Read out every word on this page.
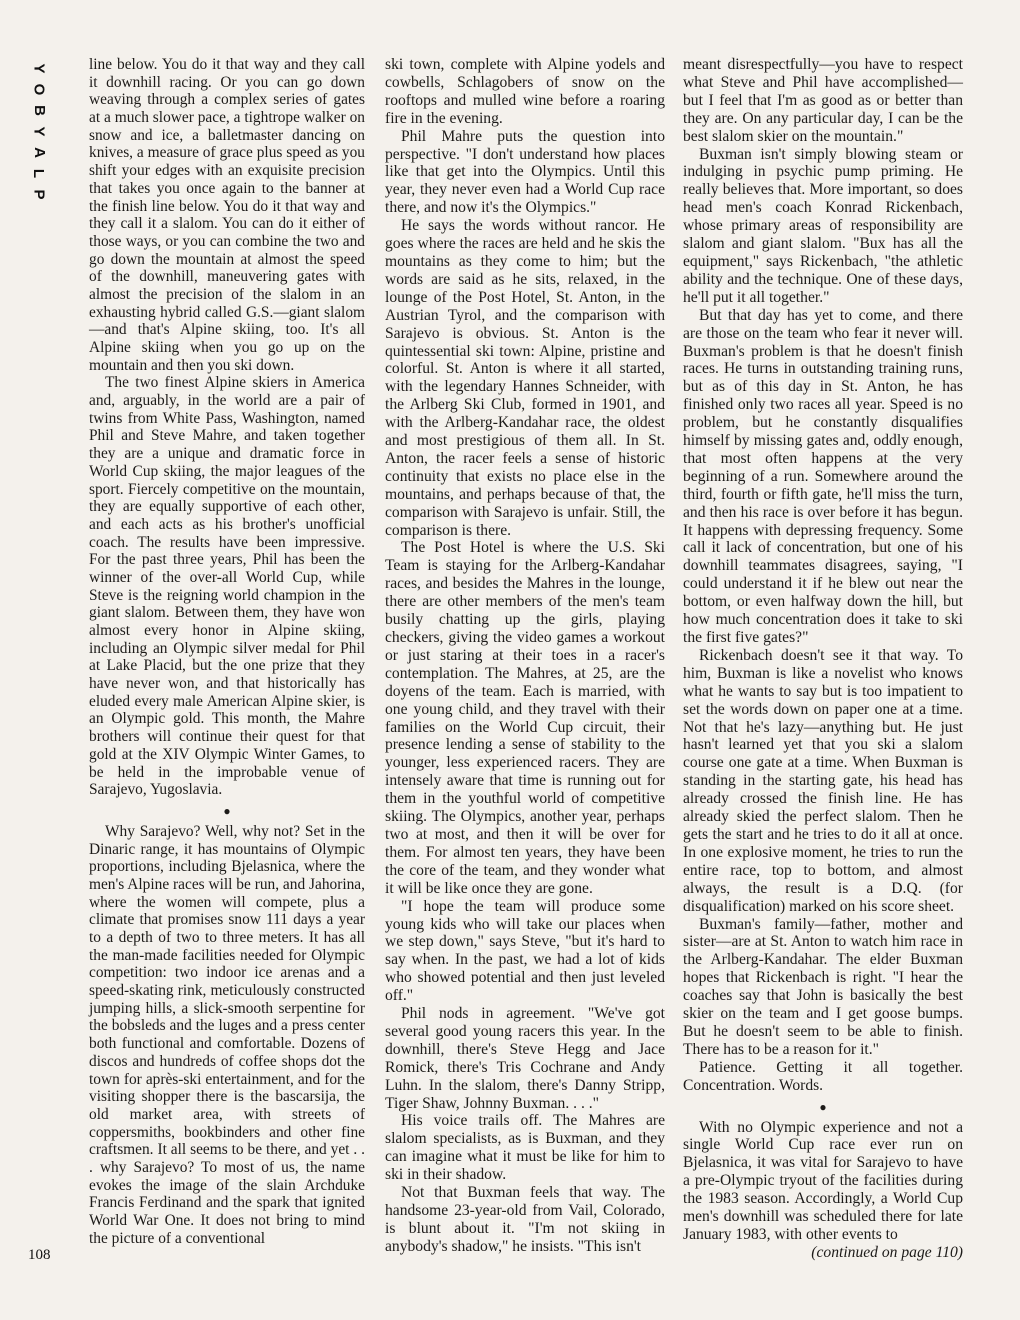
Y
O
B
Y
A
L
P

line below. You do it that way and they call it downhill racing. Or you can go down weaving through a complex series of gates at a much slower pace, a tightrope walker on snow and ice, a balletmaster dancing on knives, a measure of grace plus speed as you shift your edges with an exquisite precision that takes you once again to the banner at the finish line below. You do it that way and they call it a slalom. You can do it either of those ways, or you can combine the two and go down the mountain at almost the speed of the downhill, maneuvering gates with almost the precision of the slalom in an exhausting hybrid called G.S.—giant slalom—and that's Alpine skiing, too. It's all Alpine skiing when you go up on the mountain and then you ski down.

The two finest Alpine skiers in America and, arguably, in the world are a pair of twins from White Pass, Washington, named Phil and Steve Mahre, and taken together they are a unique and dramatic force in World Cup skiing, the major leagues of the sport. Fiercely competitive on the mountain, they are equally supportive of each other, and each acts as his brother's unofficial coach. The results have been impressive. For the past three years, Phil has been the winner of the over-all World Cup, while Steve is the reigning world champion in the giant slalom. Between them, they have won almost every honor in Alpine skiing, including an Olympic silver medal for Phil at Lake Placid, but the one prize that they have never won, and that historically has eluded every male American Alpine skier, is an Olympic gold. This month, the Mahre brothers will continue their quest for that gold at the XIV Olympic Winter Games, to be held in the improbable venue of Sarajevo, Yugoslavia.

●

Why Sarajevo? Well, why not? Set in the Dinaric range, it has mountains of Olympic proportions, including Bjelasnica, where the men's Alpine races will be run, and Jahorina, where the women will compete, plus a climate that promises snow 111 days a year to a depth of two to three meters. It has all the man-made facilities needed for Olympic competition: two indoor ice arenas and a speed-skating rink, meticulously constructed jumping hills, a slick-smooth serpentine for the bobsleds and the luges and a press center both functional and comfortable. Dozens of discos and hundreds of coffee shops dot the town for après-ski entertainment, and for the visiting shopper there is the bascarsija, the old market area, with streets of coppersmiths, bookbinders and other fine craftsmen. It all seems to be there, and yet . . . why Sarajevo? To most of us, the name evokes the image of the slain Archduke Francis Ferdinand and the spark that ignited World War One. It does not bring to mind the picture of a conventional

ski town, complete with Alpine yodels and cowbells, Schlagobers of snow on the rooftops and mulled wine before a roaring fire in the evening.

Phil Mahre puts the question into perspective. "I don't understand how places like that get into the Olympics. Until this year, they never even had a World Cup race there, and now it's the Olympics."

He says the words without rancor. He goes where the races are held and he skis the mountains as they come to him; but the words are said as he sits, relaxed, in the lounge of the Post Hotel, St. Anton, in the Austrian Tyrol, and the comparison with Sarajevo is obvious. St. Anton is the quintessential ski town: Alpine, pristine and colorful. St. Anton is where it all started, with the legendary Hannes Schneider, with the Arlberg Ski Club, formed in 1901, and with the Arlberg-Kandahar race, the oldest and most prestigious of them all. In St. Anton, the racer feels a sense of historic continuity that exists no place else in the mountains, and perhaps because of that, the comparison with Sarajevo is unfair. Still, the comparison is there.

The Post Hotel is where the U.S. Ski Team is staying for the Arlberg-Kandahar races, and besides the Mahres in the lounge, there are other members of the men's team busily chatting up the girls, playing checkers, giving the video games a workout or just staring at their toes in a racer's contemplation. The Mahres, at 25, are the doyens of the team. Each is married, with one young child, and they travel with their families on the World Cup circuit, their presence lending a sense of stability to the younger, less experienced racers. They are intensely aware that time is running out for them in the youthful world of competitive skiing. The Olympics, another year, perhaps two at most, and then it will be over for them. For almost ten years, they have been the core of the team, and they wonder what it will be like once they are gone.

"I hope the team will produce some young kids who will take our places when we step down," says Steve, "but it's hard to say when. In the past, we had a lot of kids who showed potential and then just leveled off."

Phil nods in agreement. "We've got several good young racers this year. In the downhill, there's Steve Hegg and Jace Romick, there's Tris Cochrane and Andy Luhn. In the slalom, there's Danny Stripp, Tiger Shaw, Johnny Buxman. . . ."

His voice trails off. The Mahres are slalom specialists, as is Buxman, and they can imagine what it must be like for him to ski in their shadow.

Not that Buxman feels that way. The handsome 23-year-old from Vail, Colorado, is blunt about it. "I'm not skiing in anybody's shadow," he insists. "This isn't

meant disrespectfully—you have to respect what Steve and Phil have accomplished—but I feel that I'm as good as or better than they are. On any particular day, I can be the best slalom skier on the mountain."

Buxman isn't simply blowing steam or indulging in psychic pump priming. He really believes that. More important, so does head men's coach Konrad Rickenbach, whose primary areas of responsibility are slalom and giant slalom. "Bux has all the equipment," says Rickenbach, "the athletic ability and the technique. One of these days, he'll put it all together."

But that day has yet to come, and there are those on the team who fear it never will. Buxman's problem is that he doesn't finish races. He turns in outstanding training runs, but as of this day in St. Anton, he has finished only two races all year. Speed is no problem, but he constantly disqualifies himself by missing gates and, oddly enough, that most often happens at the very beginning of a run. Somewhere around the third, fourth or fifth gate, he'll miss the turn, and then his race is over before it has begun. It happens with depressing frequency. Some call it lack of concentration, but one of his downhill teammates disagrees, saying, "I could understand it if he blew out near the bottom, or even halfway down the hill, but how much concentration does it take to ski the first five gates?"

Rickenbach doesn't see it that way. To him, Buxman is like a novelist who knows what he wants to say but is too impatient to set the words down on paper one at a time. Not that he's lazy—anything but. He just hasn't learned yet that you ski a slalom course one gate at a time. When Buxman is standing in the starting gate, his head has already crossed the finish line. He has already skied the perfect slalom. Then he gets the start and he tries to do it all at once. In one explosive moment, he tries to run the entire race, top to bottom, and almost always, the result is a D.Q. (for disqualification) marked on his score sheet.

Buxman's family—father, mother and sister—are at St. Anton to watch him race in the Arlberg-Kandahar. The elder Buxman hopes that Rickenbach is right. "I hear the coaches say that John is basically the best skier on the team and I get goose bumps. But he doesn't seem to be able to finish. There has to be a reason for it."

Patience. Getting it all together. Concentration. Words.

●

With no Olympic experience and not a single World Cup race ever run on Bjelasnica, it was vital for Sarajevo to have a pre-Olympic tryout of the facilities during the 1983 season. Accordingly, a World Cup men's downhill was scheduled there for late January 1983, with other events to

(continued on page 110)

108
